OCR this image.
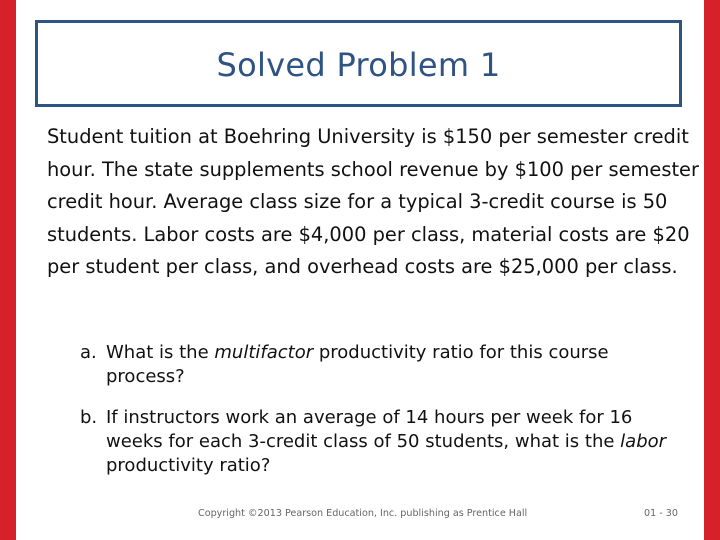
Solved Problem 1

Student tuition at Boehring University is $150 per semester credit hour. The state supplements school revenue by $100 per semester credit hour. Average class size for a typical 3-credit course is 50 students. Labor costs are $4,000 per class, material costs are $20 per student per class, and overhead costs are $25,000 per class.

a. What is the multifactor productivity ratio for this course process?
b. If instructors work an average of 14 hours per week for 16 weeks for each 3-credit class of 50 students, what is the labor productivity ratio?
Copyright ©2013 Pearson Education, Inc. publishing as Prentice Hall	01 - 30
